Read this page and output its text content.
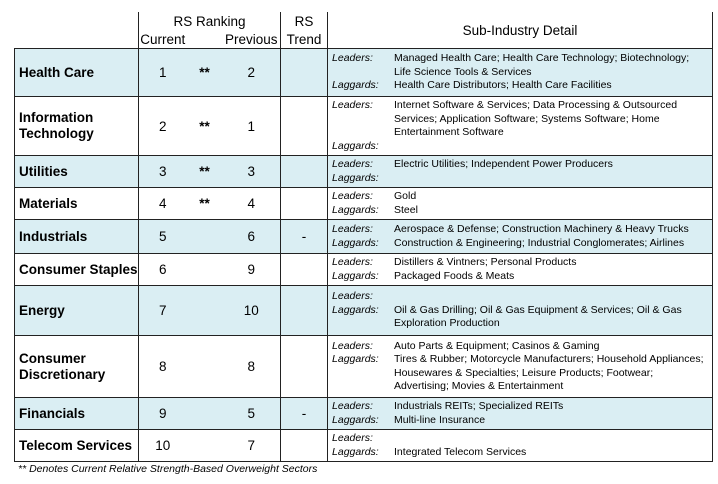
	RS Ranking			RS	Sub-Industry Detail
	Current		Previous	Trend	
Health Care	1	**	2		Leaders: Managed Health Care; Health Care Technology; Biotechnology; Life Science Tools & Services
Laggards: Health Care Distributors; Health Care Facilities

Information Technology	2	**	1		Leaders: Internet Software & Services; Data Processing & Outsourced Services; Application Software; Systems Software; Home Entertainment Software
Laggards:

Utilities	3	**	3		Leaders: Electric Utilities; Independent Power Producers
Laggards:

Materials	4	**	4		Leaders: Gold
Laggards: Steel

Industrials	5		6	-	Leaders: Aerospace & Defense; Construction Machinery & Heavy Trucks
Laggards: Construction & Engineering; Industrial Conglomerates; Airlines

Consumer Staples	6		9		Leaders: Distillers & Vintners; Personal Products
Laggards: Packaged Foods & Meats

Energy	7		10		Leaders:
Laggards: Oil & Gas Drilling; Oil & Gas Equipment & Services; Oil & Gas Exploration Production

Consumer Discretionary	8		8		Leaders: Auto Parts & Equipment; Casinos & Gaming
Laggards: Tires & Rubber; Motorcycle Manufacturers; Household Appliances; Housewares & Specialties; Leisure Products; Footwear; Advertising; Movies & Entertainment

Financials	9		5	-	Leaders: Industrials REITs; Specialized REITs
Laggards: Multi-line Insurance

Telecom Services	10		7		Leaders:
Laggards: Integrated Telecom Services
** Denotes Current Relative Strength-Based Overweight Sectors
